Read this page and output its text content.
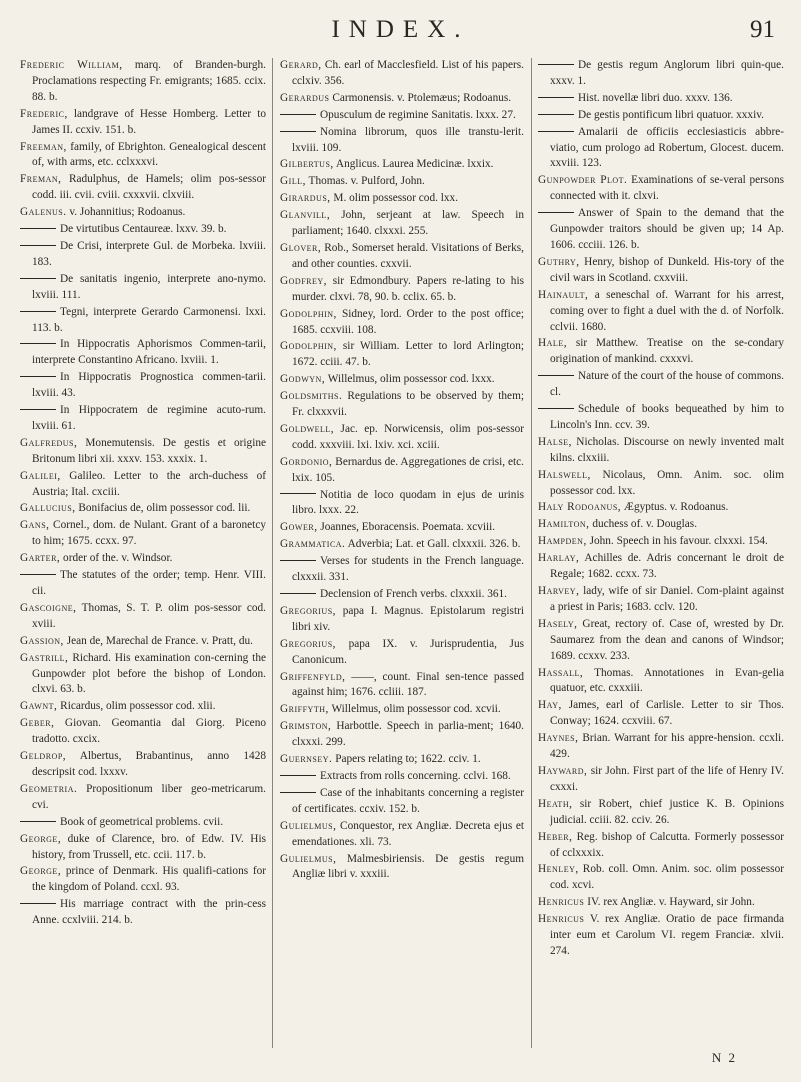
INDEX.	91
Frederic William, marq. of Branden-burgh. Proclamations respecting Fr. emigrants; 1685. ccix. 88. b.
Frederic, landgrave of Hesse Homberg. Letter to James II. ccxiv. 151. b.
Freeman, family, of Ebrighton. Genealogical descent of, with arms, etc. cclxxxvi.
Freman, Radulphus, de Hamels; olim pos-sessor codd. iii. cvii. cviii. cxxxvii. clxviii.
Galenus. v. Johannitius; Rodoanus.
De virtutibus Centaureæ. lxxv. 39. b.
De Crisi, interprete Gul. de Morbeka. lxviii. 183.
De sanitatis ingenio, interprete ano-nymo. lxviii. 111.
Tegni, interprete Gerardo Carmonensi. lxxi. 113. b.
In Hippocratis Aphorismos Commen-tarii, interprete Constantino Africano. lxviii. 1.
In Hippocratis Prognostica commen-tarii. lxviii. 43.
In Hippocratem de regimine acuto-rum. lxviii. 61.
Galfredus, Monemutensis. De gestis et origine Britonum libri xii. xxxv. 153. xxxix. 1.
Galilei, Galileo. Letter to the arch-duchess of Austria; Ital. cxciii.
Gallucius, Bonifacius de, olim possessor cod. lii.
Gans, Cornel., dom. de Nulant. Grant of a baronetcy to him; 1675. ccxx. 97.
Garter, order of the. v. Windsor.
The statutes of the order; temp. Henr. VIII. cii.
Gascoigne, Thomas, S. T. P. olim pos-sessor cod. xviii.
Gassion, Jean de, Marechal de France. v. Pratt, du.
Gastrill, Richard. His examination con-cerning the Gunpowder plot before the bishop of London. clxvi. 63. b.
Gawnt, Ricardus, olim possessor cod. xlii.
Geber, Giovan. Geomantia dal Giorg. Piceno tradotto. cxcix.
Geldrop, Albertus, Brabantinus, anno 1428 descripsit cod. lxxxv.
Geometria. Propositionum liber geo-metricarum. cvi.
Book of geometrical problems. cvii.
George, duke of Clarence, bro. of Edw. IV. His history, from Trussell, etc. ccii. 117. b.
George, prince of Denmark. His qualifi-cations for the kingdom of Poland. ccxl. 93.
His marriage contract with the prin-cess Anne. ccxlviii. 214. b.
Gerard, Ch. earl of Macclesfield. List of his papers. cclxiv. 356.
Gerardus Carmonensis. v. Ptolemæus; Rodoanus.
Opusculum de regimine Sanitatis. lxxx. 27.
Nomina librorum, quos ille transtu-lerit. lxviii. 109.
Gilbertus, Anglicus. Laurea Medicinæ. lxxix.
Gill, Thomas. v. Pulford, John.
Girardus, M. olim possessor cod. lxx.
Glanvill, John, serjeant at law. Speech in parliament; 1640. clxxxi. 255.
Glover, Rob., Somerset herald. Visitations of Berks, and other counties. cxxvii.
Godfrey, sir Edmondbury. Papers re-lating to his murder. clxvi. 78, 90. b. cclix. 65. b.
Godolphin, Sidney, lord. Order to the post office; 1685. ccxviii. 108.
Godolphin, sir William. Letter to lord Arlington; 1672. cciii. 47. b.
Godwyn, Willelmus, olim possessor cod. lxxx.
Goldsmiths. Regulations to be observed by them; Fr. clxxxvii.
Goldwell, Jac. ep. Norwicensis, olim pos-sessor codd. xxxviii. lxi. lxiv. xci. xciii.
Gordonio, Bernardus de. Aggregationes de crisi, etc. lxix. 105.
Notitia de loco quodam in ejus de urinis libro. lxxx. 22.
Gower, Joannes, Eboracensis. Poemata. xcviii.
Grammatica. Adverbia; Lat. et Gall. clxxxii. 326. b.
Verses for students in the French language. clxxxii. 331.
Declension of French verbs. clxxxii. 361.
Gregorius, papa I. Magnus. Epistolarum registri libri xiv.
Gregorius, papa IX. v. Jurisprudentia, Jus Canonicum.
Griffenfyld, ——, count. Final sen-tence passed against him; 1676. ccliii. 187.
Griffyth, Willelmus, olim possessor cod. xcvii.
Grimston, Harbottle. Speech in parlia-ment; 1640. clxxxi. 299.
Guernsey. Papers relating to; 1622. cciv. 1.
Extracts from rolls concerning. cclvi. 168.
Case of the inhabitants concerning a register of certificates. ccxiv. 152. b.
Gulielmus, Conquestor, rex Angliæ. Decreta ejus et emendationes. xli. 73.
Gulielmus, Malmesbiriensis. De gestis regum Angliæ libri v. xxxiii.
De gestis regum Anglorum libri quin-que. xxxv. 1.
Hist. novellæ libri duo. xxxv. 136.
De gestis pontificum libri quatuor. xxxiv.
Amalarii de officiis ecclesiasticis abbre-viatio, cum prologo ad Robertum, Glocest. ducem. xxviii. 123.
Gunpowder Plot. Examinations of se-veral persons connected with it. clxvi.
Answer of Spain to the demand that the Gunpowder traitors should be given up; 14 Ap. 1606. ccciii. 126. b.
Guthry, Henry, bishop of Dunkeld. His-tory of the civil wars in Scotland. cxxviii.
Hainault, a seneschal of. Warrant for his arrest, coming over to fight a duel with the d. of Norfolk. cclvii. 1680.
Hale, sir Matthew. Treatise on the se-condary origination of mankind. cxxxvi.
Nature of the court of the house of commons. cl.
Schedule of books bequeathed by him to Lincoln's Inn. ccv. 39.
Halse, Nicholas. Discourse on newly invented malt kilns. clxxiii.
Halswell, Nicolaus, Omn. Anim. soc. olim possessor cod. lxx.
Haly Rodoanus, Ægyptus. v. Rodoanus.
Hamilton, duchess of. v. Douglas.
Hampden, John. Speech in his favour. clxxxi. 154.
Harlay, Achilles de. Adris concernant le droit de Regale; 1682. ccxx. 73.
Harvey, lady, wife of sir Daniel. Com-plaint against a priest in Paris; 1683. cclv. 120.
Hasely, Great, rectory of. Case of, wrested by Dr. Saumarez from the dean and canons of Windsor; 1689. ccxxv. 233.
Hassall, Thomas. Annotationes in Evan-gelia quatuor, etc. cxxxiii.
Hay, James, earl of Carlisle. Letter to sir Thos. Conway; 1624. ccxviii. 67.
Haynes, Brian. Warrant for his appre-hension. ccxli. 429.
Hayward, sir John. First part of the life of Henry IV. cxxxi.
Heath, sir Robert, chief justice K. B. Opinions judicial. cciii. 82. cciv. 26.
Heber, Reg. bishop of Calcutta. Formerly possessor of cclxxxix.
Henley, Rob. coll. Omn. Anim. soc. olim possessor cod. xcvi.
Henricus IV. rex Angliæ. v. Hayward, sir John.
Henricus V. rex Angliæ. Oratio de pace firmanda inter eum et Carolum VI. regem Franciæ. xlvii. 274.
N 2
